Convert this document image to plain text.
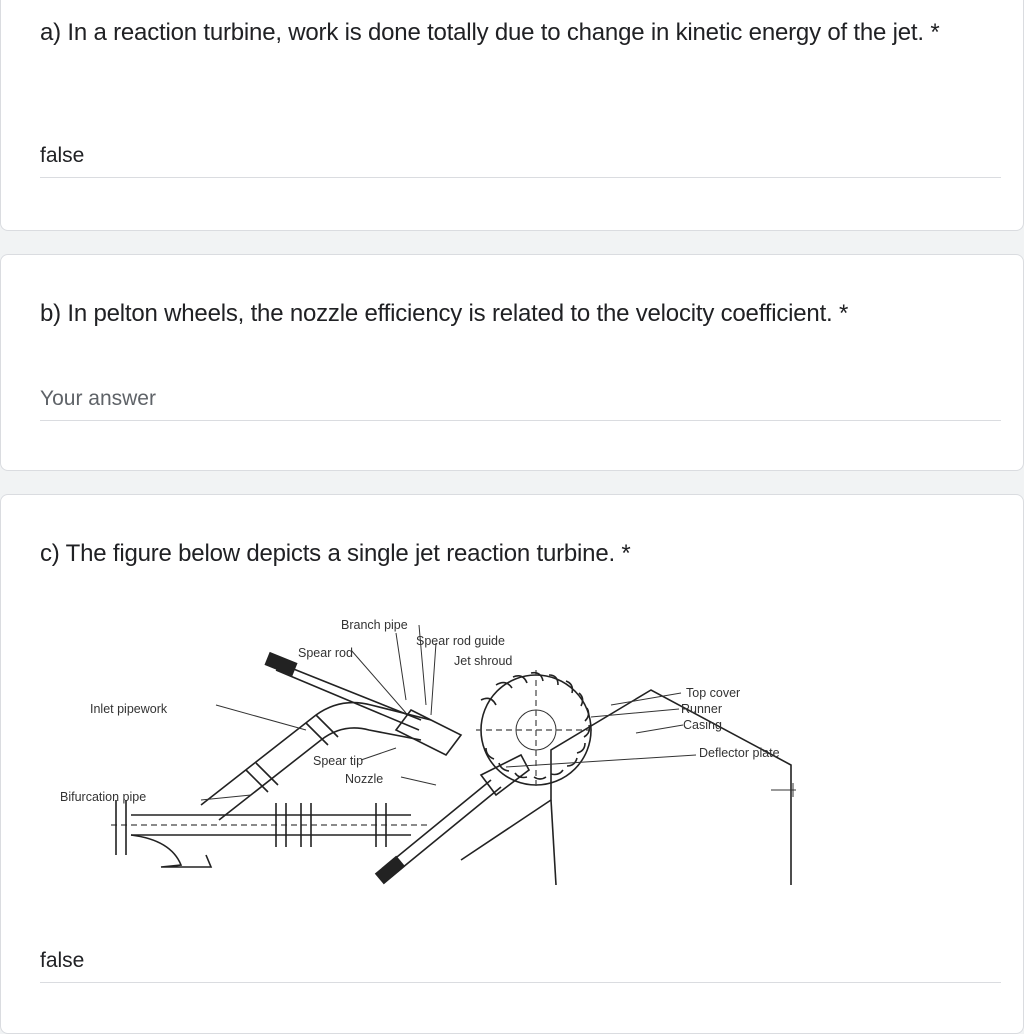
a) In a reaction turbine, work is done totally due to change in kinetic energy of the jet. *
false
b) In pelton wheels, the nozzle efficiency is related to the velocity coefficient. *
Your answer
c) The figure below depicts a single jet reaction turbine. *
Branch pipe
Spear rod guide
Spear rod
Jet shroud
Inlet pipework
Top cover
Runner
Casing
Deflector plate
Spear tip
Nozzle
Bifurcation pipe
false
